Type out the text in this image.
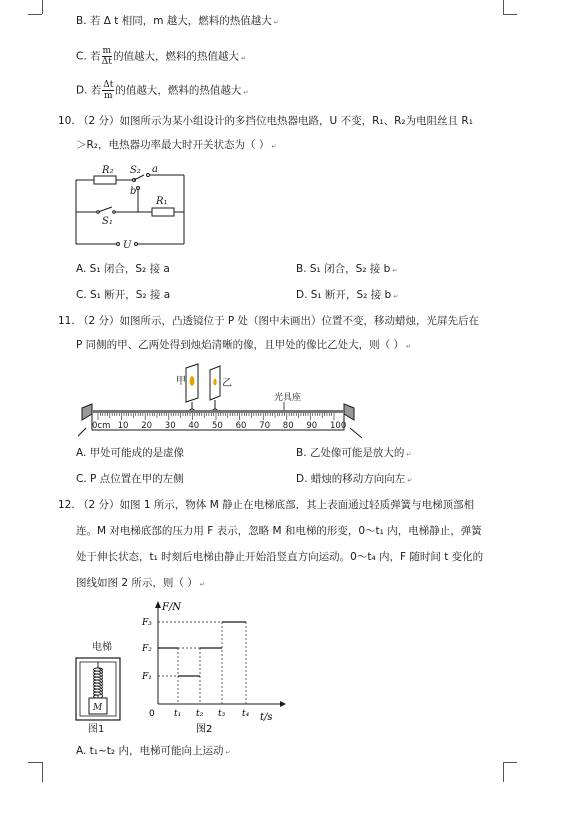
B. 若 Δ t 相同，m 越大，燃料的热值越大 ↵
C. 若 $\frac{m}{\Delta t}$ 的值越大，燃料的热值越大 ↵
D. 若 $\frac{\Delta t}{m}$ 的值越大，燃料的热值越大 ↵
10. （2 分）如图所示为某小组设计的多挡位电热器电路，U 不变，R₁、R₂为电阻丝且 R₁
＞R₂，电热器功率最大时开关状态为（ ） ↵
R₂ S₂ a
b
R₁
S₁
U
A. S₁ 闭合，S₂ 接 a	B. S₁ 闭合，S₂ 接 b ↵
C. S₁ 断开，S₂ 接 a	D. S₁ 断开，S₂ 接 b ↵
11. （2 分）如图所示，凸透镜位于 P 处（图中未画出）位置不变，移动蜡烛，光屏先后在
P 同侧的甲、乙两处得到烛焰清晰的像，且甲处的像比乙处大，则（ ） ↵
甲	乙
光具座
0cm 10 20 30 40 50 60 70 80 90 100
A. 甲处可能成的是虚像	B. 乙处像可能是放大的 ↵
C. P 点位置在甲的左侧	D. 蜡烛的移动方向向左 ↵
12. （2 分）如图 1 所示，物体 M 静止在电梯底部，其上表面通过轻质弹簧与电梯顶部相
连。M 对电梯底部的压力用 F 表示，忽略 M 和电梯的形变，0～t₁ 内，电梯静止，弹簧
处于伸长状态，t₁ 时刻后电梯由静止开始沿竖直方向运动。0～t₄ 内，F 随时间 t 变化的
图线如图 2 所示，则（ ） ↵
M
电梯
图1
F/N
t/s
0
F₃
F₂
F₁
t₁ t₂ t₃ t₄
图2
A. t₁~t₂ 内，电梯可能向上运动 ↵
